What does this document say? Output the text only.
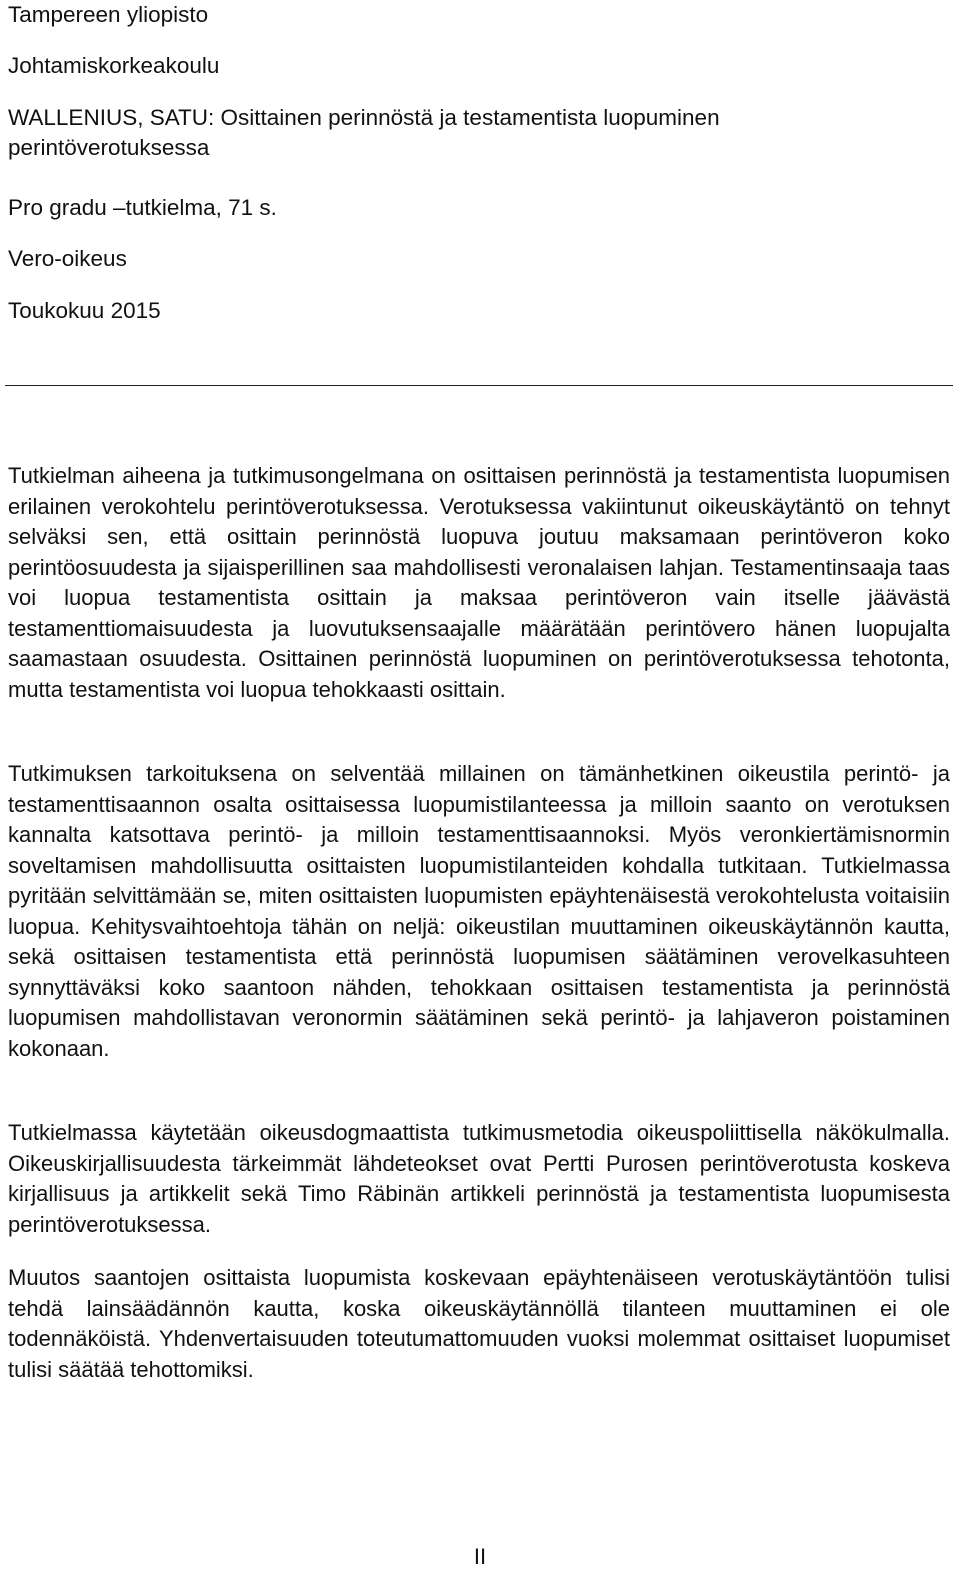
Tampereen yliopisto
Johtamiskorkeakoulu
WALLENIUS, SATU: Osittainen perinnöstä ja testamentista luopuminen perintöverotuksessa
Pro gradu –tutkielma, 71 s.
Vero-oikeus
Toukokuu 2015

Tutkielman aiheena ja tutkimusongelmana on osittaisen perinnöstä ja testamentista luopumisen erilainen verokohtelu perintöverotuksessa. Verotuksessa vakiintunut oikeuskäytäntö on tehnyt selväksi sen, että osittain perinnöstä luopuva joutuu maksamaan perintöveron koko perintöosuudesta ja sijaisperillinen saa mahdollisesti veronalaisen lahjan. Testamentinsaaja taas voi luopua testamentista osittain ja maksaa perintöveron vain itselle jäävästä testamenttiomaisuudesta ja luovutuksensaajalle määrätään perintövero hänen luopujalta saamastaan osuudesta. Osittainen perinnöstä luopuminen on perintöverotuksessa tehotonta, mutta testamentista voi luopua tehokkaasti osittain.

Tutkimuksen tarkoituksena on selventää millainen on tämänhetkinen oikeustila perintö- ja testamenttisaannon osalta osittaisessa luopumistilanteessa ja milloin saanto on verotuksen kannalta katsottava perintö- ja milloin testamenttisaannoksi. Myös veronkiertämisnormin soveltamisen mahdollisuutta osittaisten luopumistilanteiden kohdalla tutkitaan. Tutkielmassa pyritään selvittämään se, miten osittaisten luopumisten epäyhtenäisestä verokohtelusta voitaisiin luopua. Kehitysvaihtoehtoja tähän on neljä: oikeustilan muuttaminen oikeuskäytännön kautta, sekä osittaisen testamentista että perinnöstä luopumisen säätäminen verovelkasuhteen synnyttäväksi koko saantoon nähden, tehokkaan osittaisen testamentista ja perinnöstä luopumisen mahdollistavan veronormin säätäminen sekä perintö- ja lahjaveron poistaminen kokonaan.

Tutkielmassa käytetään oikeusdogmaattista tutkimusmetodia oikeuspoliittisella näkökulmalla. Oikeuskirjallisuudesta tärkeimmät lähdeteokset ovat Pertti Purosen perintöverotusta koskeva kirjallisuus ja artikkelit sekä Timo Räbinän artikkeli perinnöstä ja testamentista luopumisesta perintöverotuksessa.

Muutos saantojen osittaista luopumista koskevaan epäyhtenäiseen verotuskäytäntöön tulisi tehdä lainsäädännön kautta, koska oikeuskäytännöllä tilanteen muuttaminen ei ole todennäköistä. Yhdenvertaisuuden toteutumattomuuden vuoksi molemmat osittaiset luopumiset tulisi säätää tehottomiksi.

II
